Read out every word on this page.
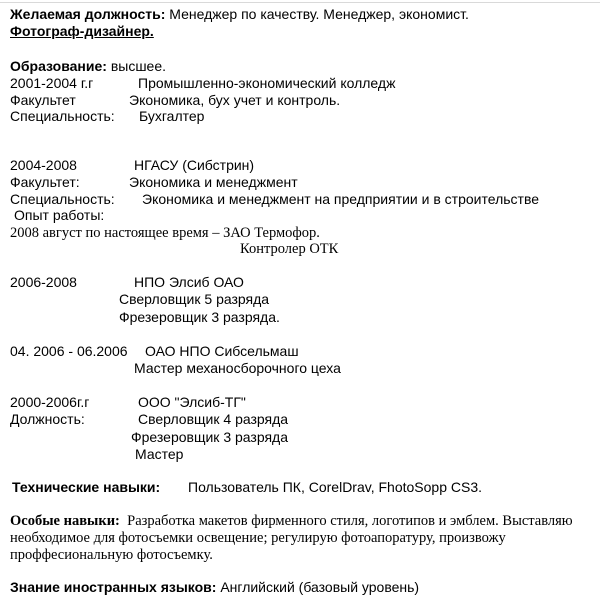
Желаемая должность: Менеджер по качеству. Менеджер, экономист.
Фотограф-дизайнер.
Образование: высшее.
2001-2004 г.г	Промышленно-экономический колледж
Факультет	Экономика, бух учет и контроль.
Специальность: Бухгалтер
2004-2008	НГАСУ (Сибстрин)
Факультет:	Экономика и менеджмент
Специальность: Экономика и менеджмент на предприятии и в строительстве
Опыт работы:
2008 август по настоящее время – ЗАО Термофор.
Контролер ОТК
2006-2008	НПО Элсиб ОАО
Сверловщик 5 разряда
Фрезеровщик 3 разряда.
04. 2006 - 06.2006 ОАО НПО Сибсельмаш
Мастер механосборочного цеха
2000-2006г.г	ООО "Элсиб-ТГ"
Должность:	Сверловщик 4 разряда
Фрезеровщик 3 разряда
Мастер
Технические навыки: Пользователь ПК, CorelDrav, FhotoSopp CS3.
Особые навыки: Разработка макетов фирменного стиля, логотипов и эмблем. Выставляю необходимое для фотосъемки освещение; регулирую фотоапоратуру, произвожу проффесиональную фотосъемку.
Знание иностранных языков: Английский (базовый уровень)
